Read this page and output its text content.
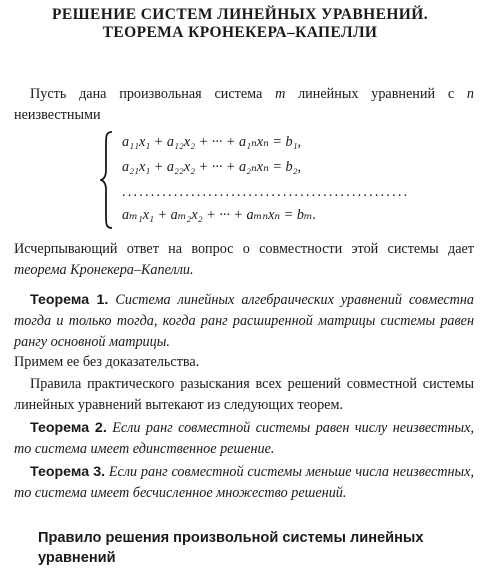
РЕШЕНИЕ СИСТЕМ ЛИНЕЙНЫХ УРАВНЕНИЙ.
ТЕОРЕМА КРОНЕКЕРА–КАПЕЛЛИ
Пусть дана произвольная система m линейных уравнений с n неизвестными
a₁₁x₁ + a₁₂x₂ + ··· + a₁ₙxₙ = b₁,
a₂₁x₁ + a₂₂x₂ + ··· + a₂ₙxₙ = b₂,
..................................................
aₘ₁x₁ + aₘ₂x₂ + ··· + aₘₙxₙ = bₘ.
Исчерпывающий ответ на вопрос о совместности этой системы дает теорема Кронекера–Капелли.
Теорема 1. Система линейных алгебраических уравнений совместна тогда и только тогда, когда ранг расширенной матрицы системы равен рангу основной матрицы.
Примем ее без доказательства.
Правила практического разыскания всех решений совместной системы линейных уравнений вытекают из следующих теорем.
Теорема 2. Если ранг совместной системы равен числу неизвестных, то система имеет единственное решение.
Теорема 3. Если ранг совместной системы меньше числа неизвестных, то система имеет бесчисленное множество решений.
Правило решения произвольной системы линейных уравнений
